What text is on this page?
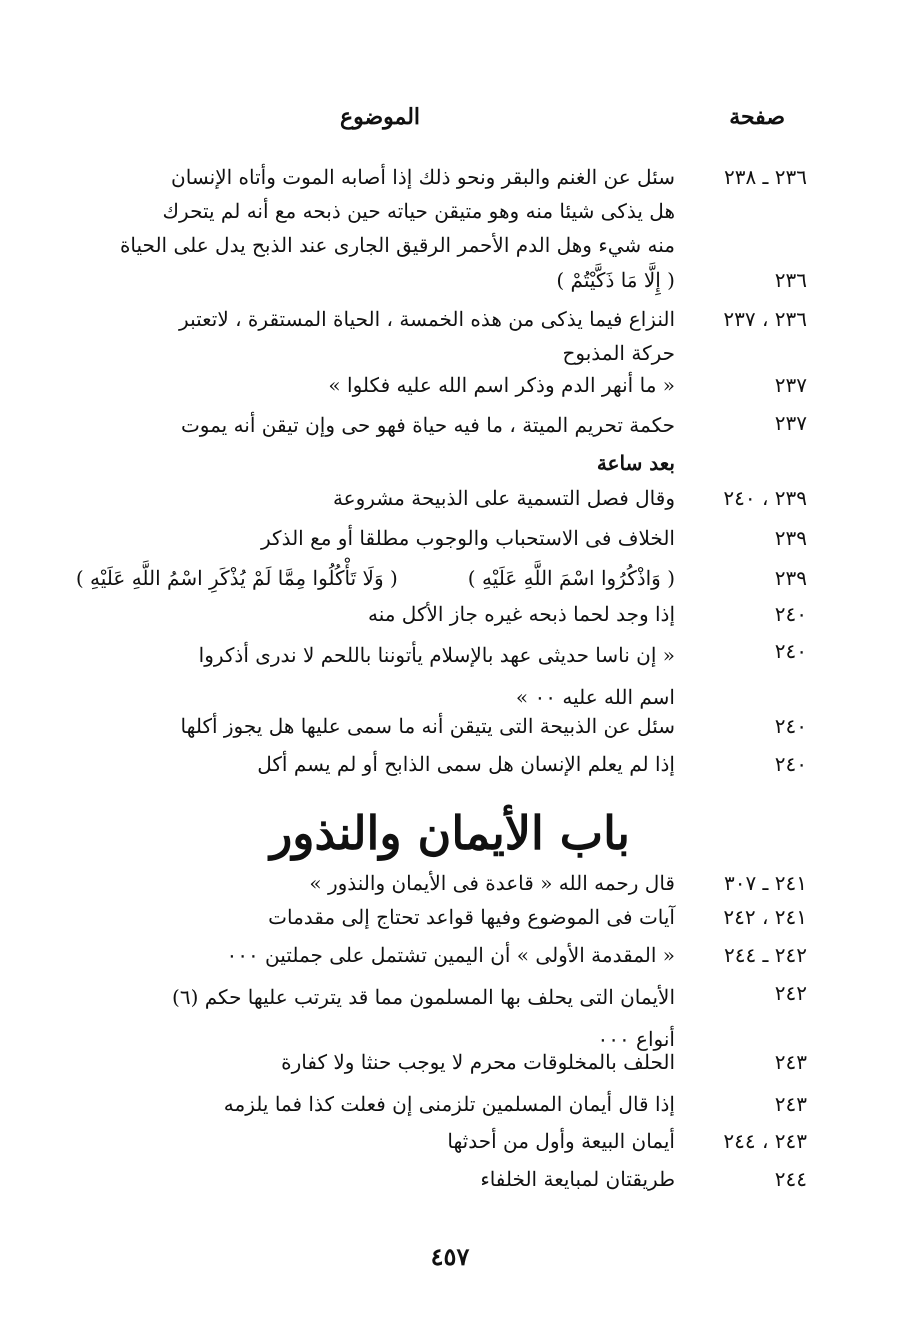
صفحة
الموضوع
٢٣٦ ـ ٢٣٨
سئل عن الغنم والبقر ونحو ذلك إذا أصابه الموت وأتاه الإنسان
هل يذكى شيئا منه وهو متيقن حياته حين ذبحه مع أنه لم يتحرك
منه شيء وهل الدم الأحمر الرقيق الجارى عند الذبح يدل على الحياة
٢٣٦
( إِلَّا مَا ذَكَّيْتُمْ )
٢٣٦ ، ٢٣٧
النزاع فيما يذكى من هذه الخمسة ، الحياة المستقرة ، لاتعتبر
حركة المذبوح
٢٣٧
« ما أنهر الدم وذكر اسم الله عليه فكلوا »
٢٣٧
حكمة تحريم الميتة ، ما فيه حياة فهو حى وإن تيقن أنه يموت
بعد ساعة
٢٣٩ ، ٢٤٠
وقال فصل التسمية على الذبيحة مشروعة
٢٣٩
الخلاف فى الاستحباب والوجوب مطلقا أو مع الذكر
٢٣٩
( وَاذْكُرُوا اسْمَ اللَّهِ عَلَيْهِ )
( وَلَا تَأْكُلُوا مِمَّا لَمْ يُذْكَرِ اسْمُ اللَّهِ عَلَيْهِ )
٢٤٠
إذا وجد لحما ذبحه غيره جاز الأكل منه
٢٤٠
« إن ناسا حديثى عهد بالإسلام يأتوننا باللحم لا ندرى أذكروا
اسم الله عليه ٠٠ »
٢٤٠
سئل عن الذبيحة التى يتيقن أنه ما سمى عليها هل يجوز أكلها
٢٤٠
إذا لم يعلم الإنسان هل سمى الذابح أو لم يسم أكل
باب الأيمان والنذور
٢٤١ ـ ٣٠٧
قال رحمه الله « قاعدة فى الأيمان والنذور »
٢٤١ ، ٢٤٢
آيات فى الموضوع وفيها قواعد تحتاج إلى مقدمات
٢٤٢ ـ ٢٤٤
« المقدمة الأولى » أن اليمين تشتمل على جملتين ٠٠٠
٢٤٢
الأيمان التى يحلف بها المسلمون مما قد يترتب عليها حكم (٦)
أنواع ٠٠٠
٢٤٣
الحلف بالمخلوقات محرم لا يوجب حنثا ولا كفارة
٢٤٣
إذا قال أيمان المسلمين تلزمنى إن فعلت كذا فما يلزمه
٢٤٣ ، ٢٤٤
أيمان البيعة وأول من أحدثها
٢٤٤
طريقتان لمبايعة الخلفاء
٤٥٧
